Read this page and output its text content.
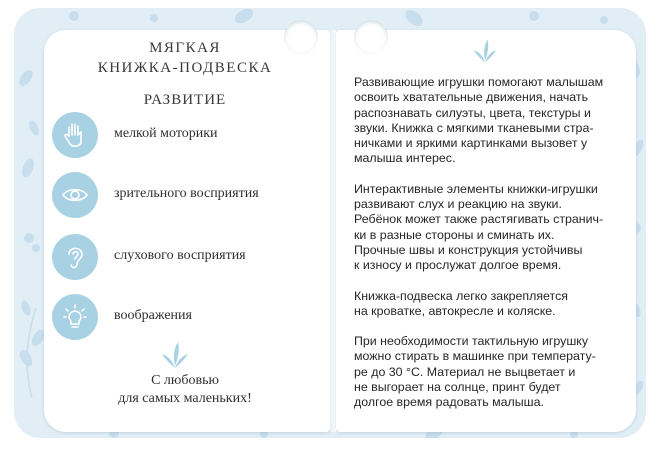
МЯГКАЯ
КНИЖКА-ПОДВЕСКА
РАЗВИТИЕ
мелкой моторики
зрительного восприятия
слухового восприятия
воображения
С любовью
для самых маленьких!

Развивающие игрушки помогают малышам
освоить хватательные движения, начать
распознавать силуэты, цвета, текстуры и
звуки. Книжка с мягкими тканевыми стра-
ничками и яркими картинками вызовет у
малыша интерес.

Интерактивные элементы книжки-игрушки
развивают слух и реакцию на звуки.
Ребёнок может также растягивать странич-
ки в разные стороны и сминать их.
Прочные швы и конструкция устойчивы
к износу и прослужат долгое время.

Книжка-подвеска легко закрепляется
на кроватке, автокресле и коляске.

При необходимости тактильную игрушку
можно стирать в машинке при температу-
ре до 30 °С. Материал не выцветает и
не выгорает на солнце, принт будет
долгое время радовать малыша.
